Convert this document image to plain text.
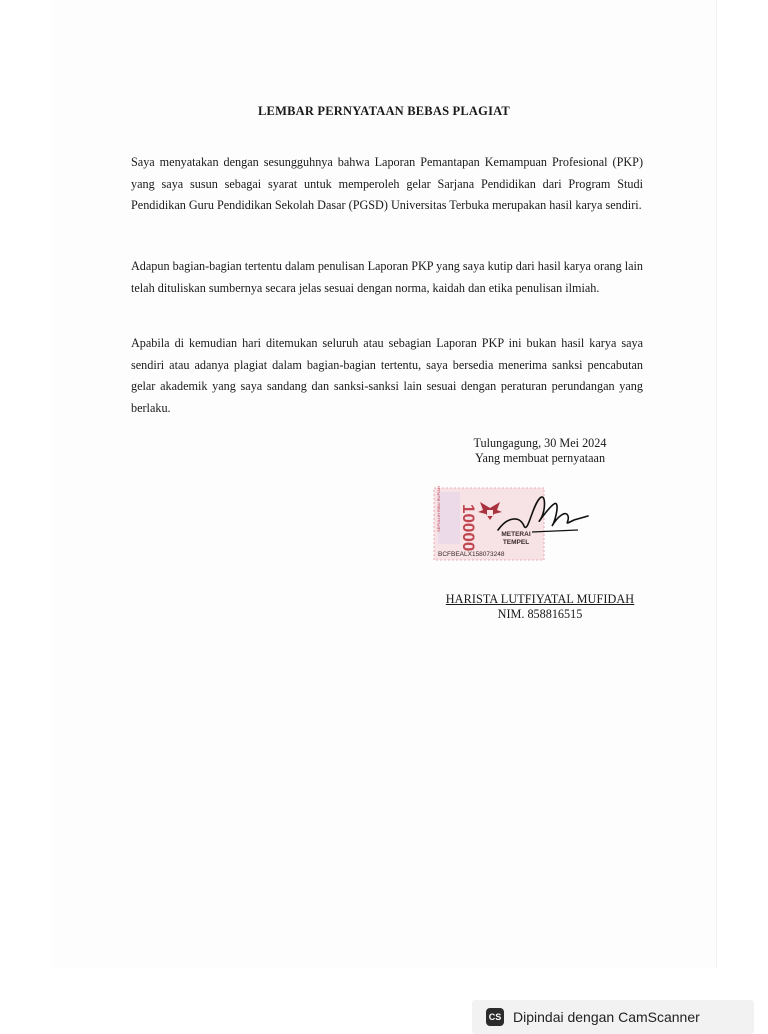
LEMBAR PERNYATAAN BEBAS PLAGIAT
Saya menyatakan dengan sesungguhnya bahwa Laporan Pemantapan Kemampuan Profesional (PKP) yang saya susun sebagai syarat untuk memperoleh gelar Sarjana Pendidikan dari Program Studi Pendidikan Guru Pendidikan Sekolah Dasar (PGSD) Universitas Terbuka merupakan hasil karya sendiri.
Adapun bagian-bagian tertentu dalam penulisan Laporan PKP yang saya kutip dari hasil karya orang lain telah dituliskan sumbernya secara jelas sesuai dengan norma, kaidah dan etika penulisan ilmiah.
Apabila di kemudian hari ditemukan seluruh atau sebagian Laporan PKP ini bukan hasil karya saya sendiri atau adanya plagiat dalam bagian-bagian tertentu, saya bersedia menerima sanksi pencabutan gelar akademik yang saya sandang dan sanksi-sanksi lain sesuai dengan peraturan perundangan yang berlaku.
Tulungagung, 30 Mei 2024
Yang membuat pernyataan
10000
SEPULUH RIBU RUPIAH
METERAI
TEMPEL
BCFBEALX158073248
HARISTA LUTFIYATAL MUFIDAH
NIM. 858816515
CS Dipindai dengan CamScanner
